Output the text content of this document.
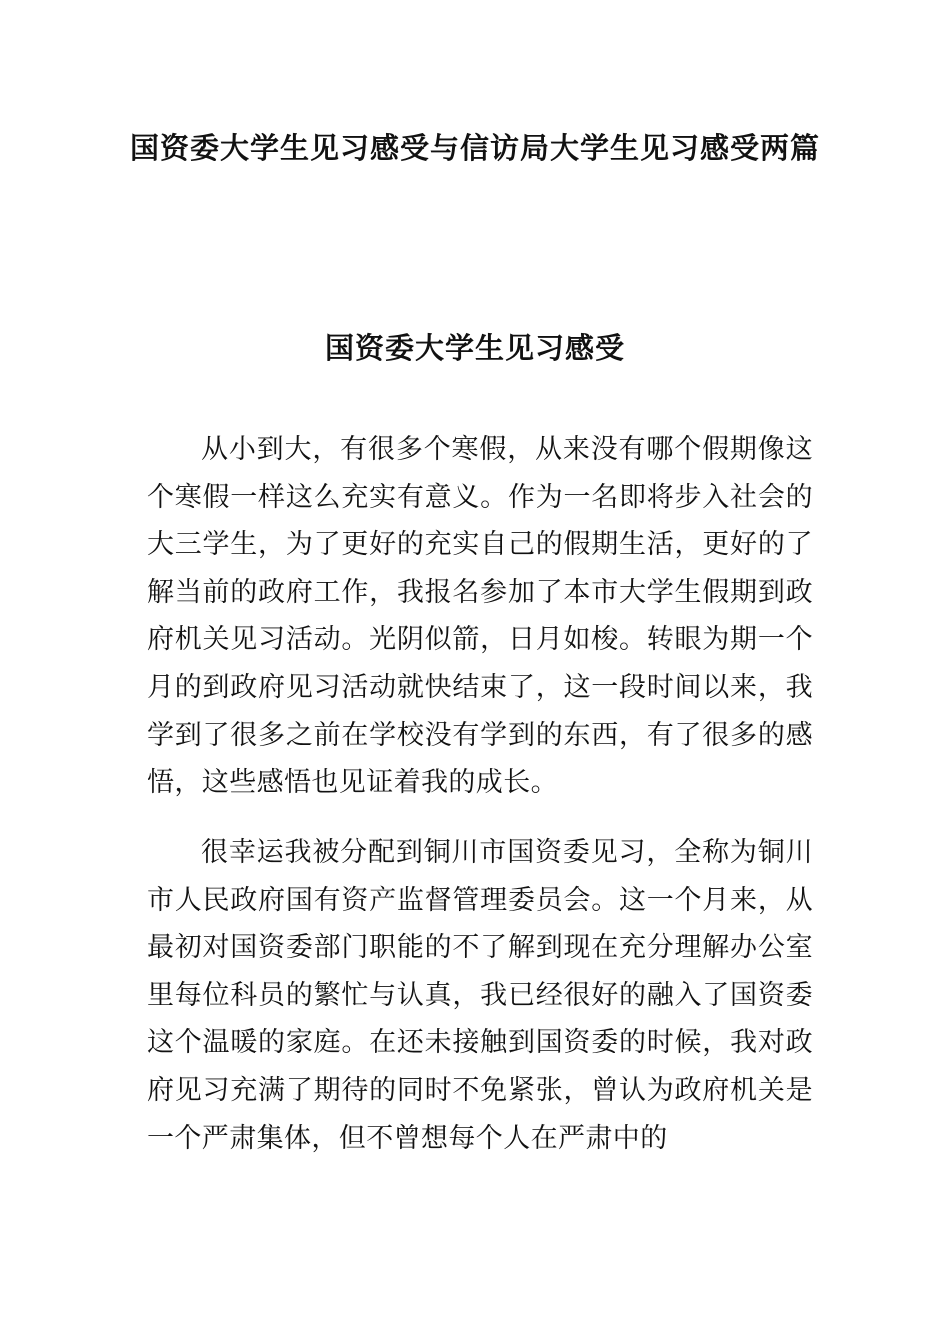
国资委大学生见习感受与信访局大学生见习感受两篇
国资委大学生见习感受

从小到大，有很多个寒假，从来没有哪个假期像这个寒假一样这么充实有意义。作为一名即将步入社会的大三学生，为了更好的充实自己的假期生活，更好的了解当前的政府工作，我报名参加了本市大学生假期到政府机关见习活动。光阴似箭，日月如梭。转眼为期一个月的到政府见习活动就快结束了，这一段时间以来，我学到了很多之前在学校没有学到的东西，有了很多的感悟，这些感悟也见证着我的成长。

很幸运我被分配到铜川市国资委见习，全称为铜川市人民政府国有资产监督管理委员会。这一个月来，从最初对国资委部门职能的不了解到现在充分理解办公室里每位科员的繁忙与认真，我已经很好的融入了国资委这个温暖的家庭。在还未接触到国资委的时候，我对政府见习充满了期待的同时不免紧张，曾认为政府机关是一个严肃集体，但不曾想每个人在严肃中的
